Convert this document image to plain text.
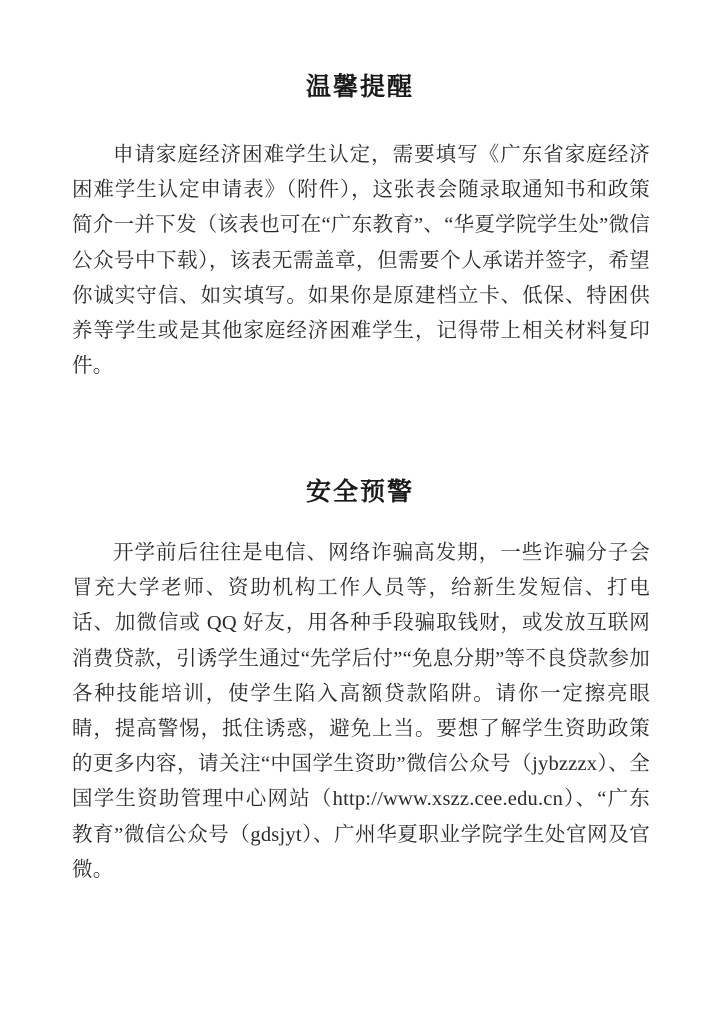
温馨提醒

申请家庭经济困难学生认定，需要填写《广东省家庭经济困难学生认定申请表》（附件），这张表会随录取通知书和政策简介一并下发（该表也可在“广东教育”、“华夏学院学生处”微信公众号中下载），该表无需盖章，但需要个人承诺并签字，希望你诚实守信、如实填写。如果你是原建档立卡、低保、特困供养等学生或是其他家庭经济困难学生，记得带上相关材料复印件。

安全预警

开学前后往往是电信、网络诈骗高发期，一些诈骗分子会冒充大学老师、资助机构工作人员等，给新生发短信、打电话、加微信或 QQ 好友，用各种手段骗取钱财，或发放互联网消费贷款，引诱学生通过“先学后付”“免息分期”等不良贷款参加各种技能培训，使学生陷入高额贷款陷阱。请你一定擦亮眼睛，提高警惕，抵住诱惑，避免上当。要想了解学生资助政策的更多内容，请关注“中国学生资助”微信公众号（jybzzzx）、全国学生资助管理中心网站（http://www.xszz.cee.edu.cn）、“广东教育”微信公众号（gdsjyt）、广州华夏职业学院学生处官网及官微。
